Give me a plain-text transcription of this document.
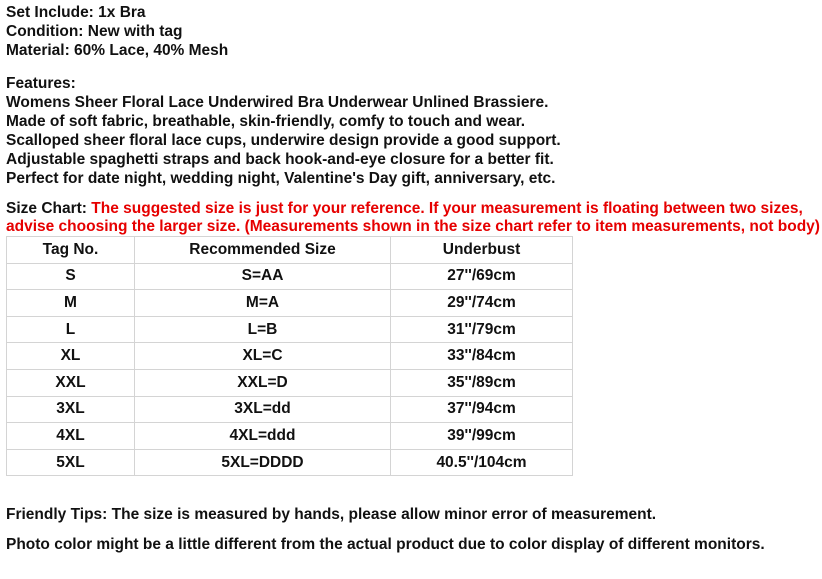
Set Include: 1x Bra
Condition: New with tag
Material: 60% Lace, 40% Mesh
Features:
Womens Sheer Floral Lace Underwired Bra Underwear Unlined Brassiere.
Made of soft fabric, breathable, skin-friendly, comfy to touch and wear.
Scalloped sheer floral lace cups, underwire design provide a good support.
Adjustable spaghetti straps and back hook-and-eye closure for a better fit.
Perfect for date night, wedding night, Valentine's Day gift, anniversary, etc.
Size Chart: The suggested size is just for your reference. If your measurement is floating between two sizes, advise choosing the larger size. (Measurements shown in the size chart refer to item measurements, not body)
Tag No.	Recommended Size	Underbust
S	S=AA	27''/69cm
M	M=A	29''/74cm
L	L=B	31''/79cm
XL	XL=C	33''/84cm
XXL	XXL=D	35''/89cm
3XL	3XL=dd	37''/94cm
4XL	4XL=ddd	39''/99cm
5XL	5XL=DDDD	40.5''/104cm
Friendly Tips: The size is measured by hands, please allow minor error of measurement.
Photo color might be a little different from the actual product due to color display of different monitors.
